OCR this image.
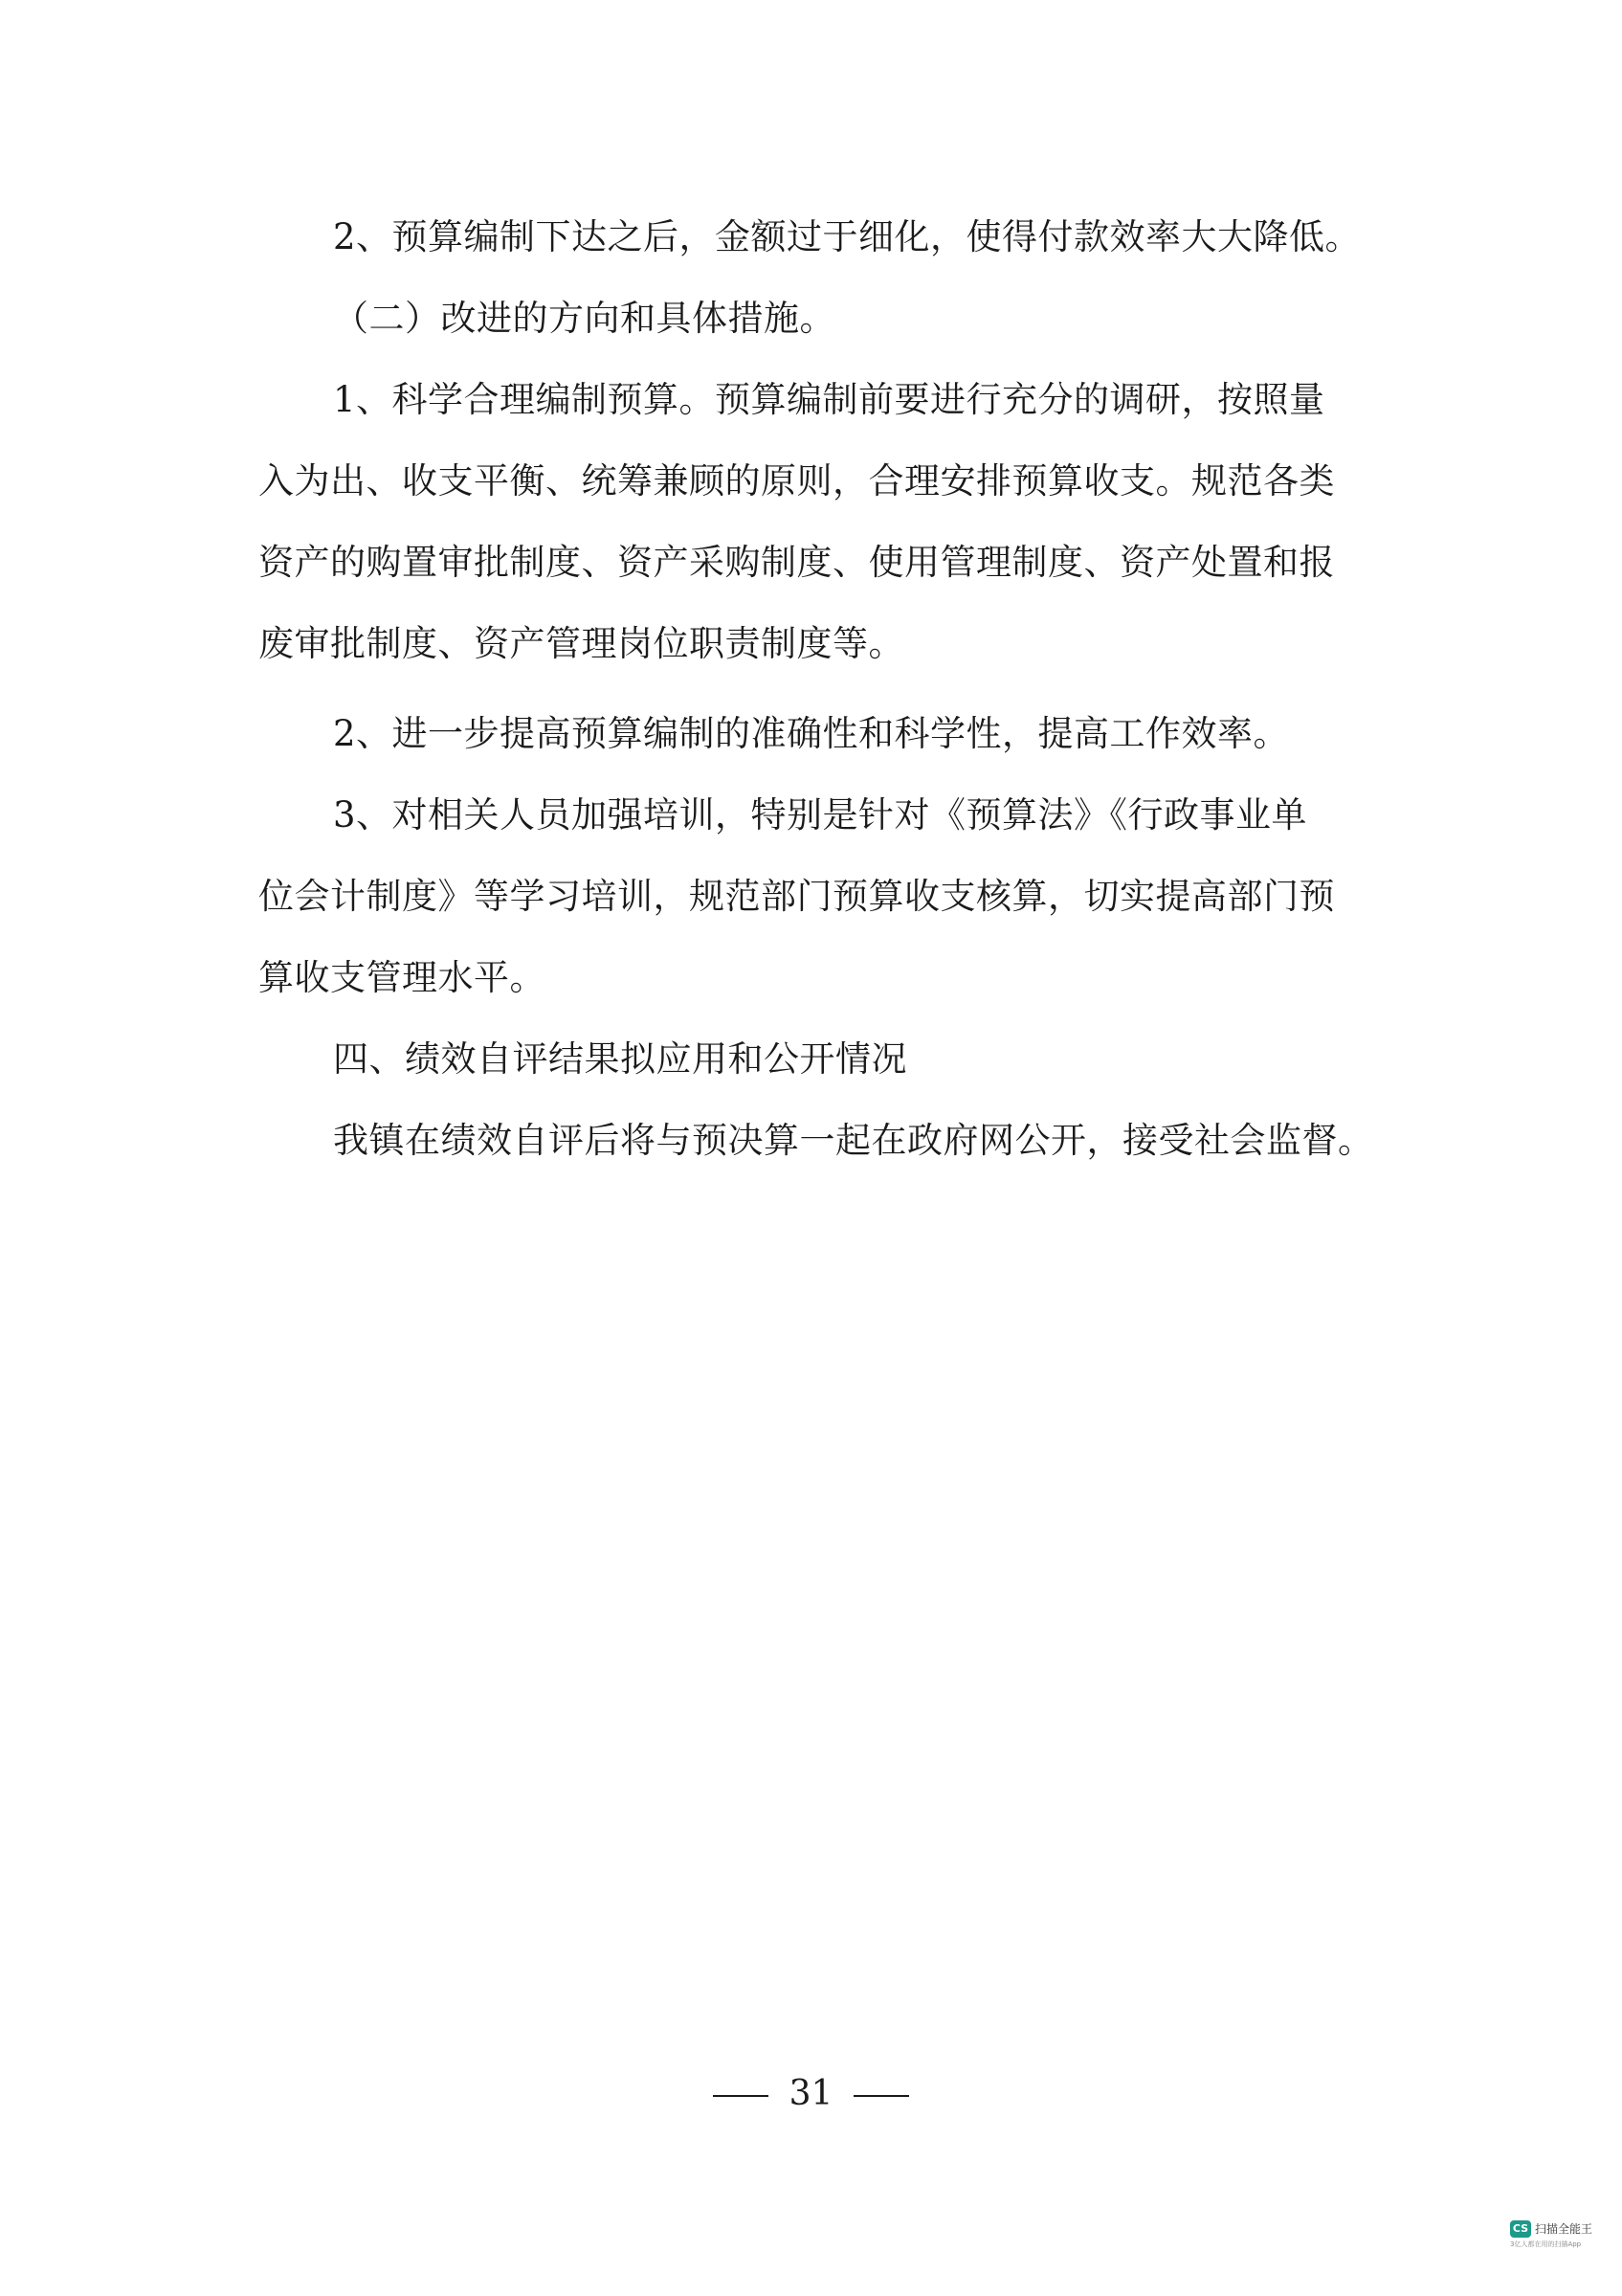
2、预算编制下达之后，金额过于细化，使得付款效率大大降低。
（二）改进的方向和具体措施。
1、科学合理编制预算。预算编制前要进行充分的调研，按照量
入为出、收支平衡、统筹兼顾的原则，合理安排预算收支。规范各类
资产的购置审批制度、资产采购制度、使用管理制度、资产处置和报
废审批制度、资产管理岗位职责制度等。
2、进一步提高预算编制的准确性和科学性，提高工作效率。
3、对相关人员加强培训，特别是针对《预算法》《行政事业单
位会计制度》等学习培训，规范部门预算收支核算，切实提高部门预
算收支管理水平。
四、绩效自评结果拟应用和公开情况
我镇在绩效自评后将与预决算一起在政府网公开，接受社会监督。
31
CS 扫描全能王
3亿人都在用的扫描App
